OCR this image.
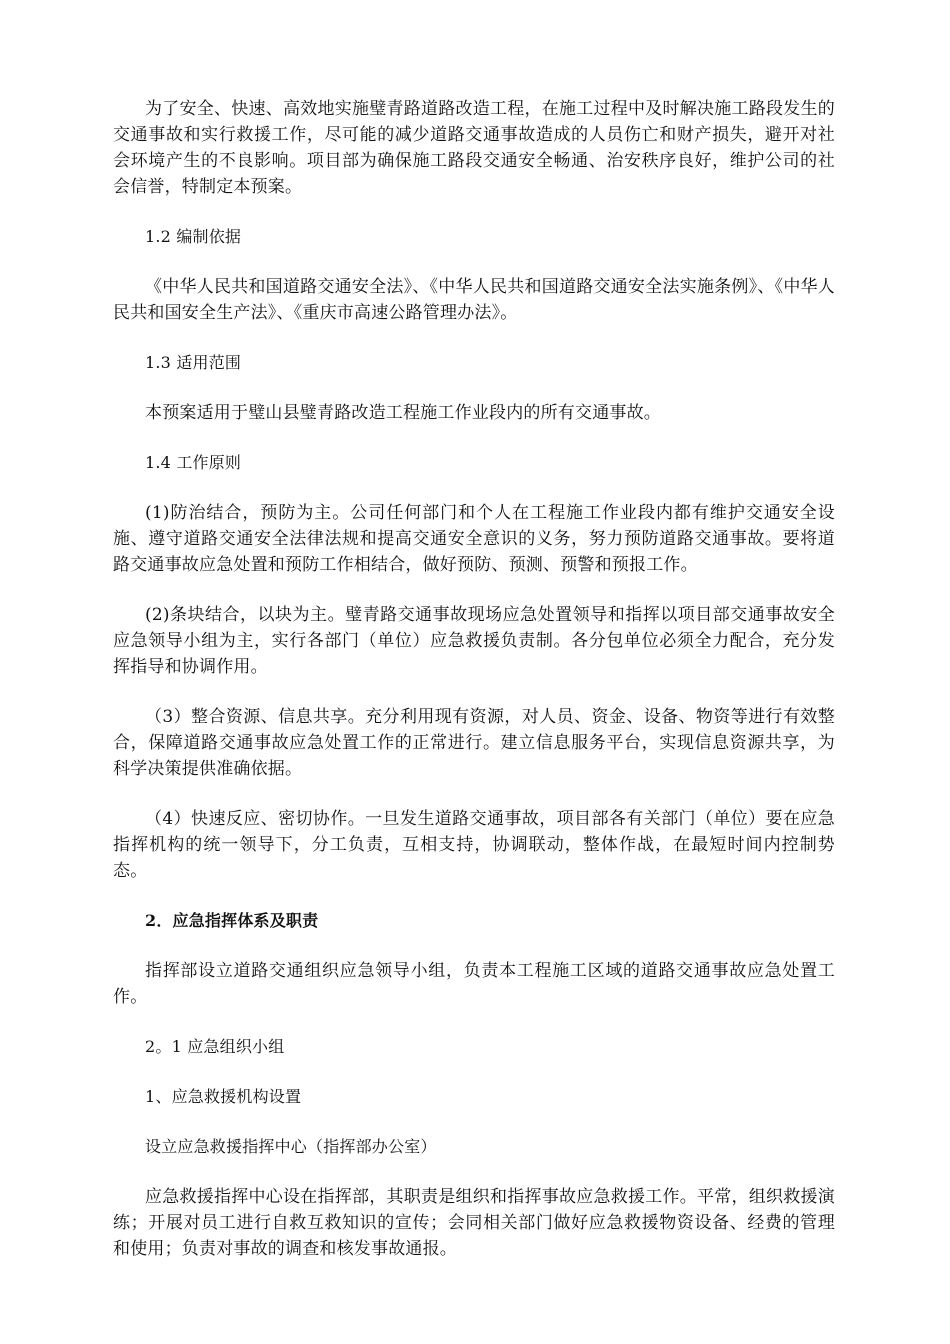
为了安全、快速、高效地实施璧青路道路改造工程，在施工过程中及时解决施工路段发生的交通事故和实行救援工作，尽可能的减少道路交通事故造成的人员伤亡和财产损失，避开对社会环境产生的不良影响。项目部为确保施工路段交通安全畅通、治安秩序良好，维护公司的社会信誉，特制定本预案。

1.2 编制依据

《中华人民共和国道路交通安全法》、《中华人民共和国道路交通安全法实施条例》、《中华人民共和国安全生产法》、《重庆市高速公路管理办法》。

1.3 适用范围

本预案适用于璧山县璧青路改造工程施工作业段内的所有交通事故。

1.4 工作原则

(1)防治结合，预防为主。公司任何部门和个人在工程施工作业段内都有维护交通安全设施、遵守道路交通安全法律法规和提高交通安全意识的义务，努力预防道路交通事故。要将道路交通事故应急处置和预防工作相结合，做好预防、预测、预警和预报工作。

(2)条块结合，以块为主。璧青路交通事故现场应急处置领导和指挥以项目部交通事故安全应急领导小组为主，实行各部门（单位）应急救援负责制。各分包单位必须全力配合，充分发挥指导和协调作用。

（3）整合资源、信息共享。充分利用现有资源，对人员、资金、设备、物资等进行有效整合，保障道路交通事故应急处置工作的正常进行。建立信息服务平台，实现信息资源共享，为科学决策提供准确依据。

（4）快速反应、密切协作。一旦发生道路交通事故，项目部各有关部门（单位）要在应急指挥机构的统一领导下，分工负责，互相支持，协调联动，整体作战，在最短时间内控制势态。

2．应急指挥体系及职责

指挥部设立道路交通组织应急领导小组，负责本工程施工区域的道路交通事故应急处置工作。

2。1 应急组织小组

1、应急救援机构设置

设立应急救援指挥中心（指挥部办公室）

应急救援指挥中心设在指挥部，其职责是组织和指挥事故应急救援工作。平常，组织救援演练；开展对员工进行自救互救知识的宣传；会同相关部门做好应急救援物资设备、经费的管理和使用；负责对事故的调查和核发事故通报。
